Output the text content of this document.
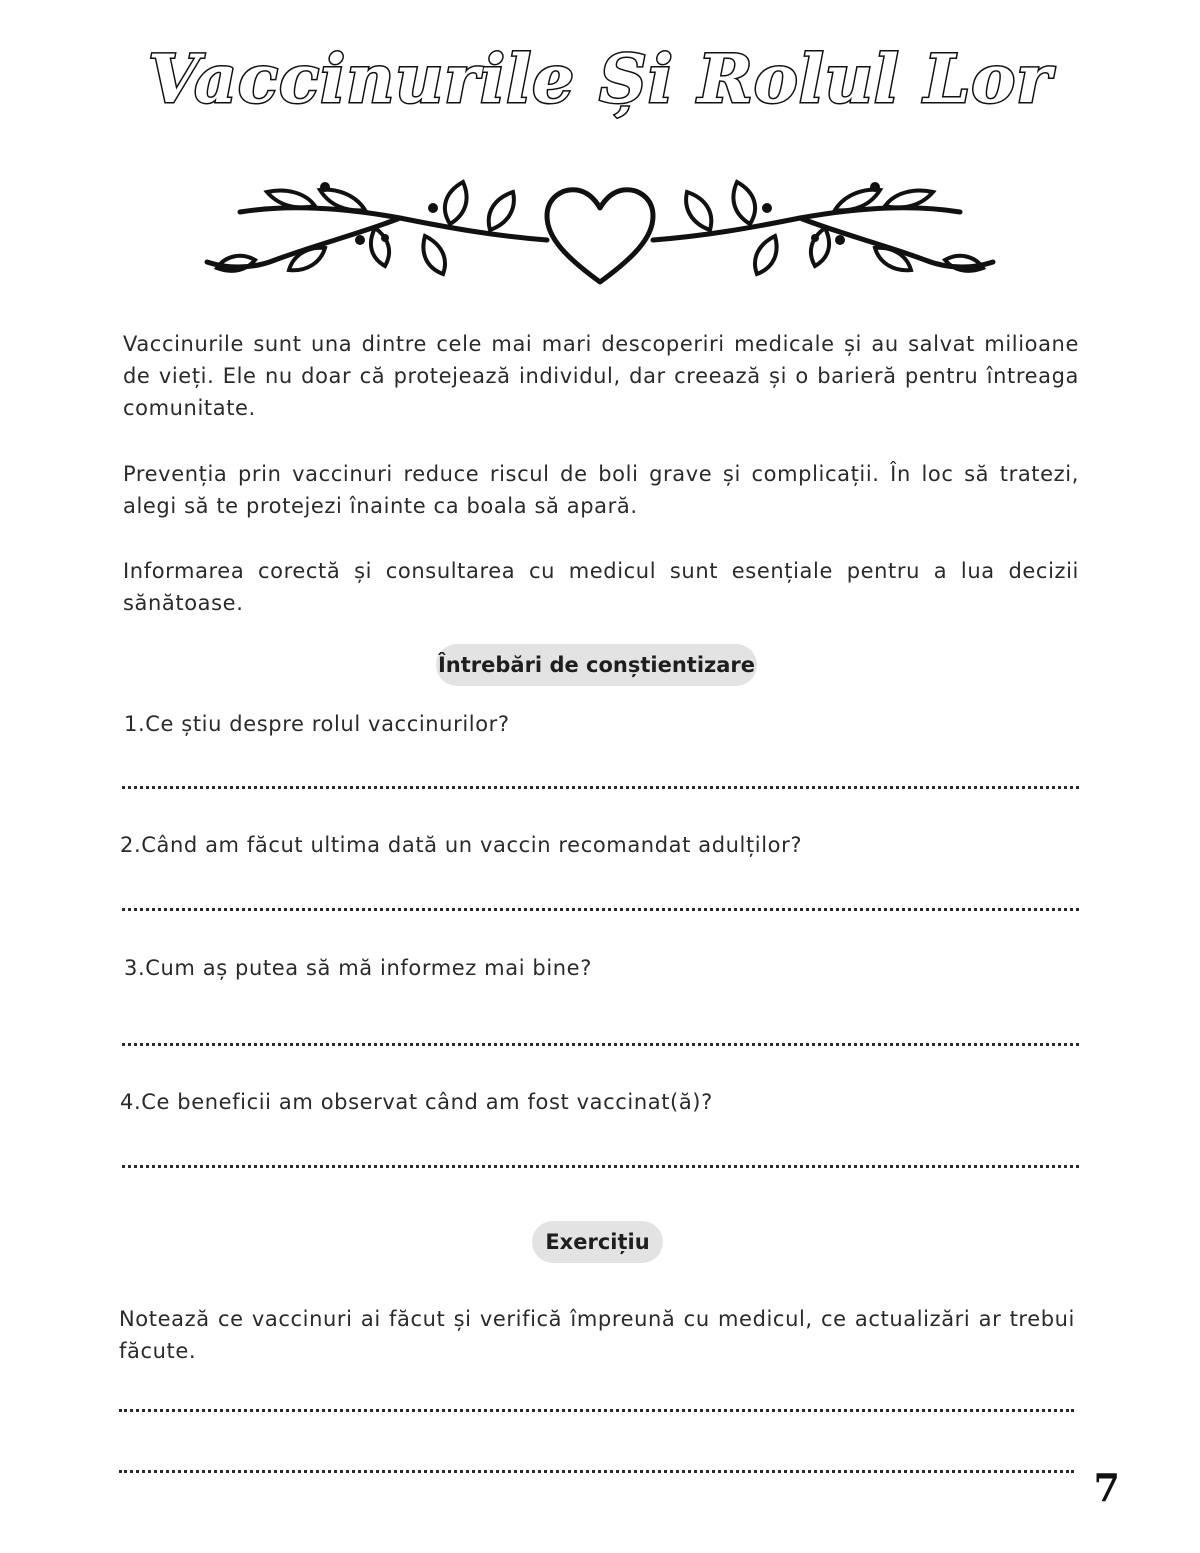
Vaccinurile Și Rolul Lor

Vaccinurile sunt una dintre cele mai mari descoperiri medicale și au salvat milioane de vieți. Ele nu doar că protejează individul, dar creează și o barieră pentru întreaga comunitate.

Prevenția prin vaccinuri reduce riscul de boli grave și complicații. În loc să tratezi, alegi să te protejezi înainte ca boala să apară.

Informarea corectă și consultarea cu medicul sunt esențiale pentru a lua decizii sănătoase.

Întrebări de conștientizare
1.Ce știu despre rolul vaccinurilor?
2.Când am făcut ultima dată un vaccin recomandat adulților?
3.Cum aș putea să mă informez mai bine?
4.Ce beneficii am observat când am fost vaccinat(ă)?
Exercițiu

Notează ce vaccinuri ai făcut și verifică împreună cu medicul, ce actualizări ar trebui făcute.

7
